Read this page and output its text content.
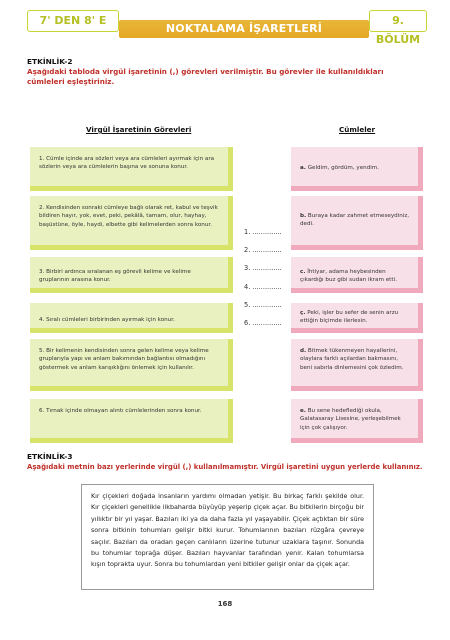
7' DEN 8' E
NOKTALAMA İŞARETLERİ
9. BÖLÜM
ETKİNLİK-2
Aşağıdaki tabloda virgül işaretinin (,) görevleri verilmiştir. Bu görevler ile kullanıldıkları cümleleri eşleştiriniz.
Virgül İşaretinin Görevleri	Cümleler
1. Cümle içinde ara sözleri veya ara cümleleri ayırmak için ara sözlerin veya ara cümlelerin başına ve sonuna konur.
2. Kendisinden sonraki cümleye bağlı olarak ret, kabul ve teşvik bildiren hayır, yok, evet, peki, pekâlâ, tamam, olur, hayhay, başüstüne, öyle, haydi, elbette gibi kelimelerden sonra konur.
3. Birbiri ardınca sıralanan eş görevli kelime ve kelime gruplarının arasına konur.
4. Sıralı cümleleri birbirinden ayırmak için konur.
5. Bir kelimenin kendisinden sonra gelen kelime veya kelime gruplarıyla yapı ve anlam bakımından bağlantısı olmadığını göstermek ve anlam karışıklığını önlemek için kullanılır.
6. Tırnak içinde olmayan alıntı cümlelerinden sonra konur.
1. ..............
2. ..............
3. ..............
4. ..............
5. ..............
6. ..............
a. Geldim, gördüm, yendim.
b. Buraya kadar zahmet etmeseydiniz, dedi.
c. İhtiyar, adama heybesinden çıkardığı buz gibi sudan ikram etti.
ç. Peki, işler bu sefer de senin arzu ettiğin biçimde ilerlesin.
d. Bitmek tükenmeyen hayallerini, olaylara farklı açılardan bakmasını, beni sabırla dinlemesini çok özledim.
e. Bu sene hedeflediği okula, Galatasaray Lisesine, yerleşebilmek için çok çalışıyor.
ETKİNLİK-3
Aşağıdaki metnin bazı yerlerinde virgül (,) kullanılmamıştır. Virgül işaretini uygun yerlerde kullanınız.
Kır çiçekleri doğada insanların yardımı olmadan yetişir. Bu birkaç farklı şekilde olur. Kır çiçekleri genellikle ilkbaharda büyüyüp yeşerip çiçek açar. Bu bitkilerin birçoğu bir yıllıktır bir yıl yaşar. Bazıları iki ya da daha fazla yıl yaşayabilir. Çiçek açtıktan bir süre sonra bitkinin tohumları gelişir bitki kurur. Tohumlarının bazıları rüzgâra çevreye saçılır. Bazıları da oradan geçen canlıların üzerine tutunur uzaklara taşınır. Sonunda bu tohumlar toprağa düşer. Bazıları hayvanlar tarafından yenir. Kalan tohumlarsa kışın toprakta uyur. Sonra bu tohumlardan yeni bitkiler gelişir onlar da çiçek açar.
168
